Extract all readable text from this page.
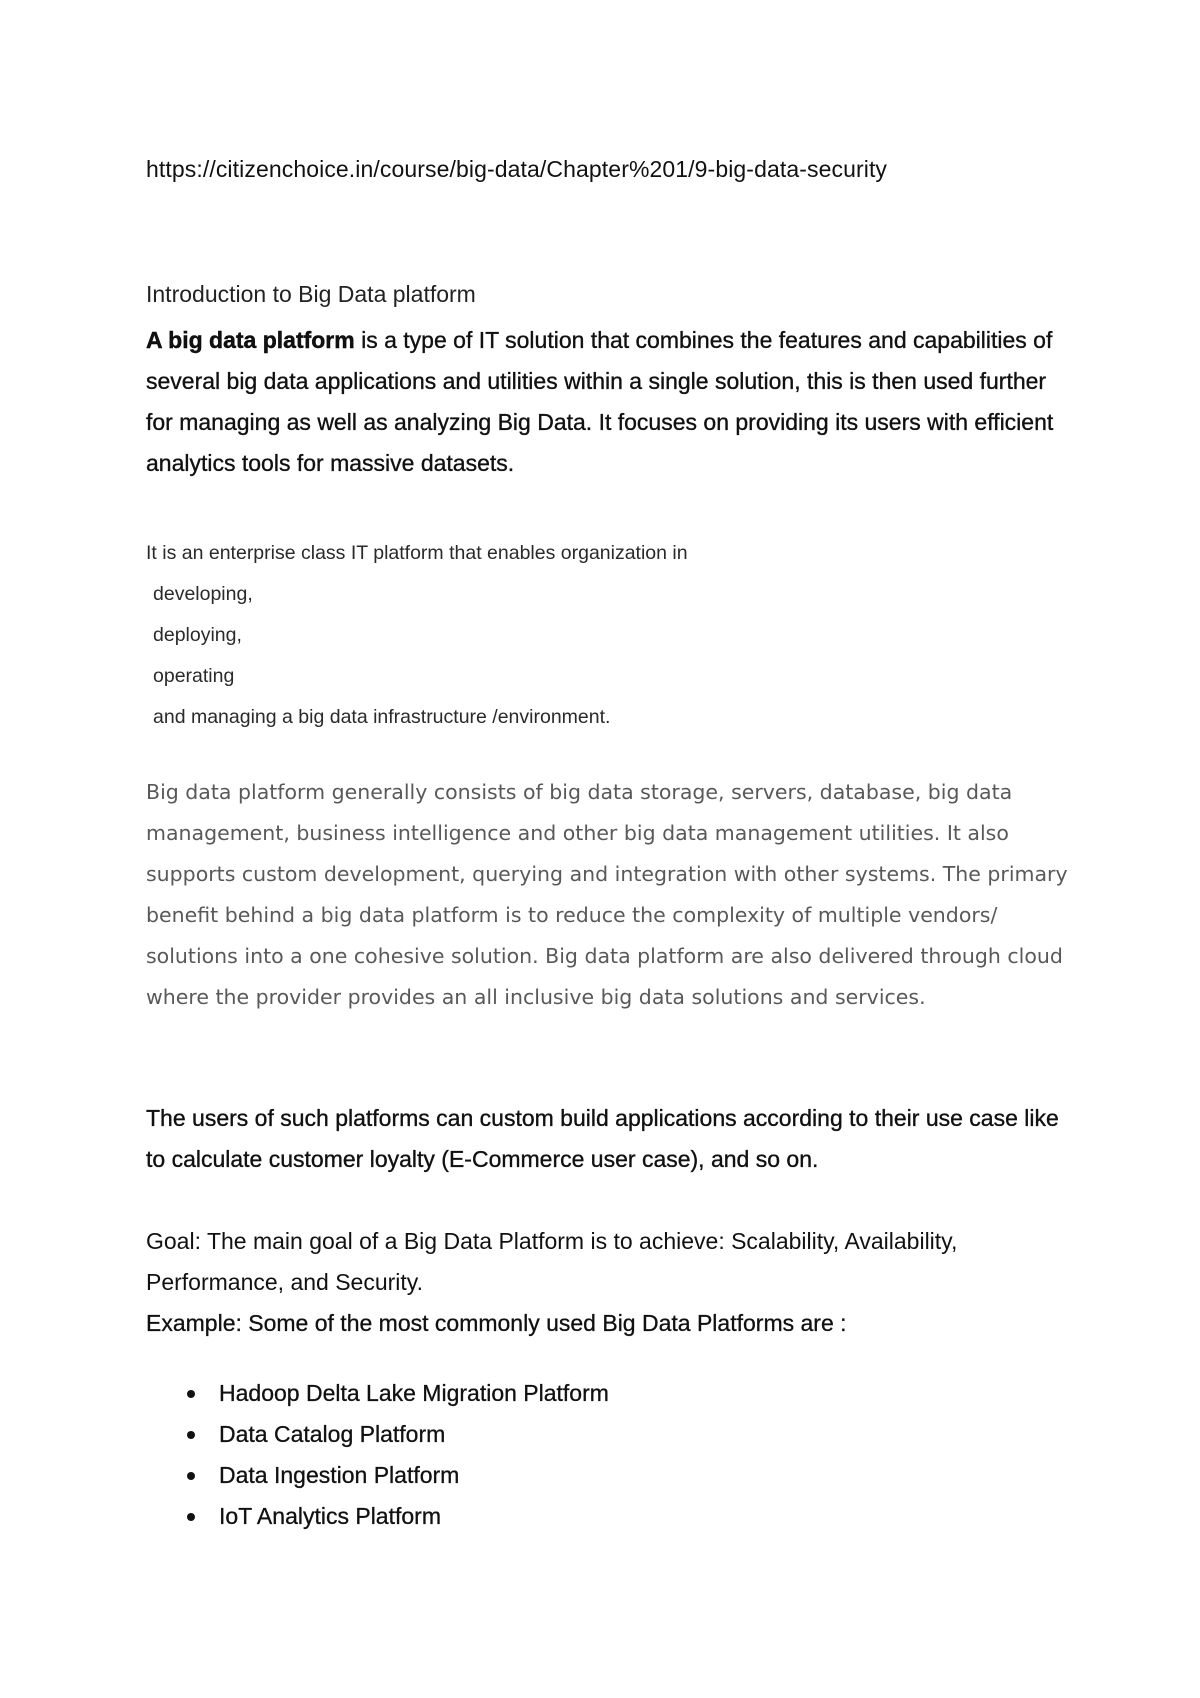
https://citizenchoice.in/course/big-data/Chapter%201/9-big-data-security
Introduction to Big Data platform
A big data platform is a type of IT solution that combines the features and capabilities of several big data applications and utilities within a single solution, this is then used further for managing as well as analyzing Big Data. It focuses on providing its users with efficient analytics tools for massive datasets.
It is an enterprise class IT platform that enables organization in
developing,
deploying,
operating
and managing a big data infrastructure /environment.
Big data platform generally consists of big data storage, servers, database, big data management, business intelligence and other big data management utilities. It also supports custom development, querying and integration with other systems. The primary benefit behind a big data platform is to reduce the complexity of multiple vendors/ solutions into a one cohesive solution. Big data platform are also delivered through cloud where the provider provides an all inclusive big data solutions and services.
The users of such platforms can custom build applications according to their use case like to calculate customer loyalty (E-Commerce user case), and so on.
Goal: The main goal of a Big Data Platform is to achieve: Scalability, Availability, Performance, and Security.
Example: Some of the most commonly used Big Data Platforms are :
Hadoop Delta Lake Migration Platform
Data Catalog Platform
Data Ingestion Platform
IoT Analytics Platform
